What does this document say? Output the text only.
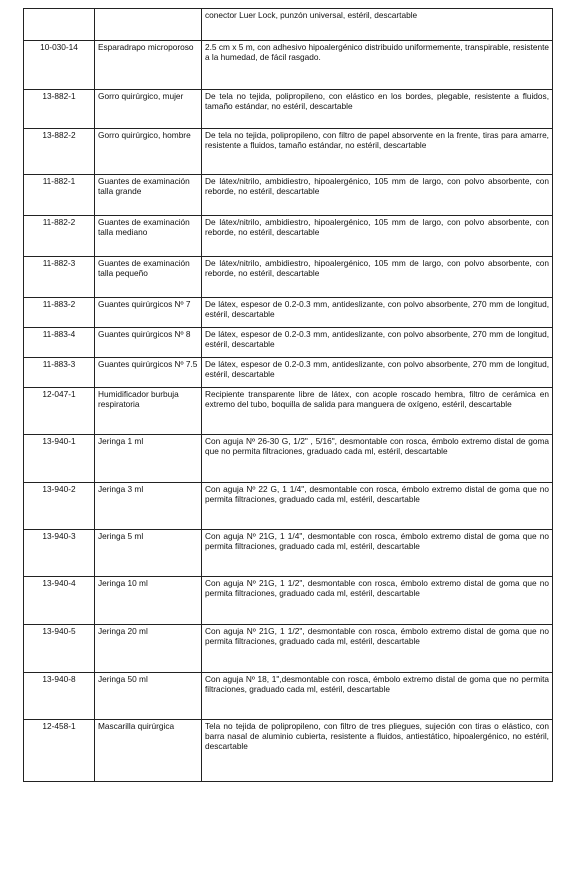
		conector Luer Lock, punzón universal, estéril, descartable
10-030-14	Esparadrapo microporoso	2.5 cm x 5 m, con adhesivo hipoalergénico distribuido uniformemente, transpirable, resistente a la humedad, de fácil rasgado.
13-882-1	Gorro quirúrgico, mujer	De tela no tejida, polipropileno, con elástico en los bordes, plegable, resistente a fluidos, tamaño estándar, no estéril, descartable
13-882-2	Gorro quirúrgico, hombre	De tela no tejida, polipropileno, con filtro de papel absorvente en la frente, tiras para amarre, resistente a fluidos, tamaño estándar, no estéril, descartable
11-882-1	Guantes de examinación talla grande	De látex/nitrilo, ambidiestro, hipoalergénico, 105 mm de largo, con polvo absorbente, con reborde, no estéril, descartable
11-882-2	Guantes de examinación talla mediano	De látex/nitrilo, ambidiestro, hipoalergénico, 105 mm de largo, con polvo absorbente, con reborde, no estéril, descartable
11-882-3	Guantes de examinación talla pequeño	De látex/nitrilo, ambidiestro, hipoalergénico, 105 mm de largo, con polvo absorbente, con reborde, no estéril, descartable
11-883-2	Guantes quirúrgicos Nº 7	De látex, espesor de 0.2-0.3 mm, antideslizante, con polvo absorbente, 270 mm de longitud, estéril, descartable
11-883-4	Guantes quirúrgicos Nº 8	De látex, espesor de 0.2-0.3 mm, antideslizante, con polvo absorbente, 270 mm de longitud, estéril, descartable
11-883-3	Guantes quirúrgicos Nº 7.5	De látex, espesor de 0.2-0.3 mm, antideslizante, con polvo absorbente, 270 mm de longitud, estéril, descartable
12-047-1	Humidificador burbuja respiratoria	Recipiente transparente libre de látex, con acople roscado hembra, filtro de cerámica en extremo del tubo, boquilla de salida para manguera de oxígeno, estéril, descartable
13-940-1	Jeringa 1 ml	Con aguja Nº 26-30 G, 1/2" , 5/16", desmontable con rosca, émbolo extremo distal de goma que no permita filtraciones, graduado cada ml, estéril, descartable
13-940-2	Jeringa 3 ml	Con aguja Nº 22 G, 1 1/4", desmontable con rosca, émbolo extremo distal de goma que no permita filtraciones, graduado cada ml, estéril, descartable
13-940-3	Jeringa 5 ml	Con aguja Nº 21G, 1 1/4", desmontable con rosca, émbolo extremo distal de goma que no permita filtraciones, graduado cada ml, estéril, descartable
13-940-4	Jeringa 10 ml	Con aguja Nº 21G, 1 1/2", desmontable con rosca, émbolo extremo distal de goma que no permita filtraciones, graduado cada ml, estéril, descartable
13-940-5	Jeringa 20 ml	Con aguja Nº 21G, 1 1/2", desmontable con rosca, émbolo extremo distal de goma que no permita filtraciones, graduado cada ml, estéril, descartable
13-940-8	Jeringa 50 ml	Con aguja Nº 18, 1",desmontable con rosca, émbolo extremo distal de goma que no permita filtraciones, graduado cada ml, estéril, descartable
12-458-1	Mascarilla quirúrgica	Tela no tejida de polipropileno, con filtro de tres pliegues, sujeción con tiras o elástico, con barra nasal de aluminio cubierta, resistente a fluidos, antiestático, hipoalergénico, no estéril, descartable
